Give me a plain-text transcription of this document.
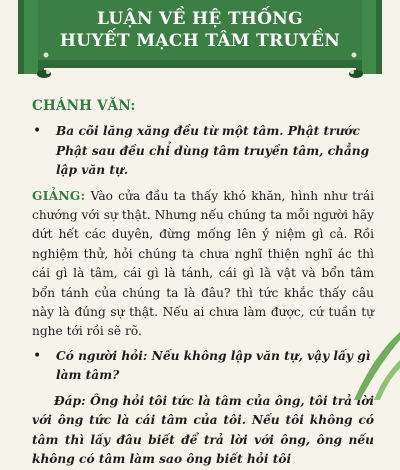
LUẬN VỀ HỆ THỐNG
HUYẾT MẠCH TÂM TRUYỀN
CHÁNH VĂN:
• Ba cõi lăng xăng đều từ một tâm. Phật trước Phật sau đều chỉ dùng tâm truyền tâm, chẳng lập văn tự.

GIẢNG: Vào cửa đầu ta thấy khó khăn, hình như trái chướng với sự thật. Nhưng nếu chúng ta mỗi người hãy dứt hết các duyên, đừng mống lên ý niệm gì cả. Rồi nghiệm thử, hỏi chúng ta chưa nghĩ thiện nghĩ ác thì cái gì là tâm, cái gì là tánh, cái gì là vật và bổn tâm bổn tánh của chúng ta là đâu? thì tức khắc thấy câu này là đúng sự thật. Nếu ai chưa làm được, cứ tuần tự nghe tới rồi sẽ rõ.

• Có người hỏi: Nếu không lập văn tự, vậy lấy gì làm tâm?

Đáp: Ông hỏi tôi tức là tâm của ông, tôi trả lời với ông tức là cái tâm của tôi. Nếu tôi không có tâm thì lấy đâu biết để trả lời với ông, ông nếu không có tâm làm sao ông biết hỏi tôi
